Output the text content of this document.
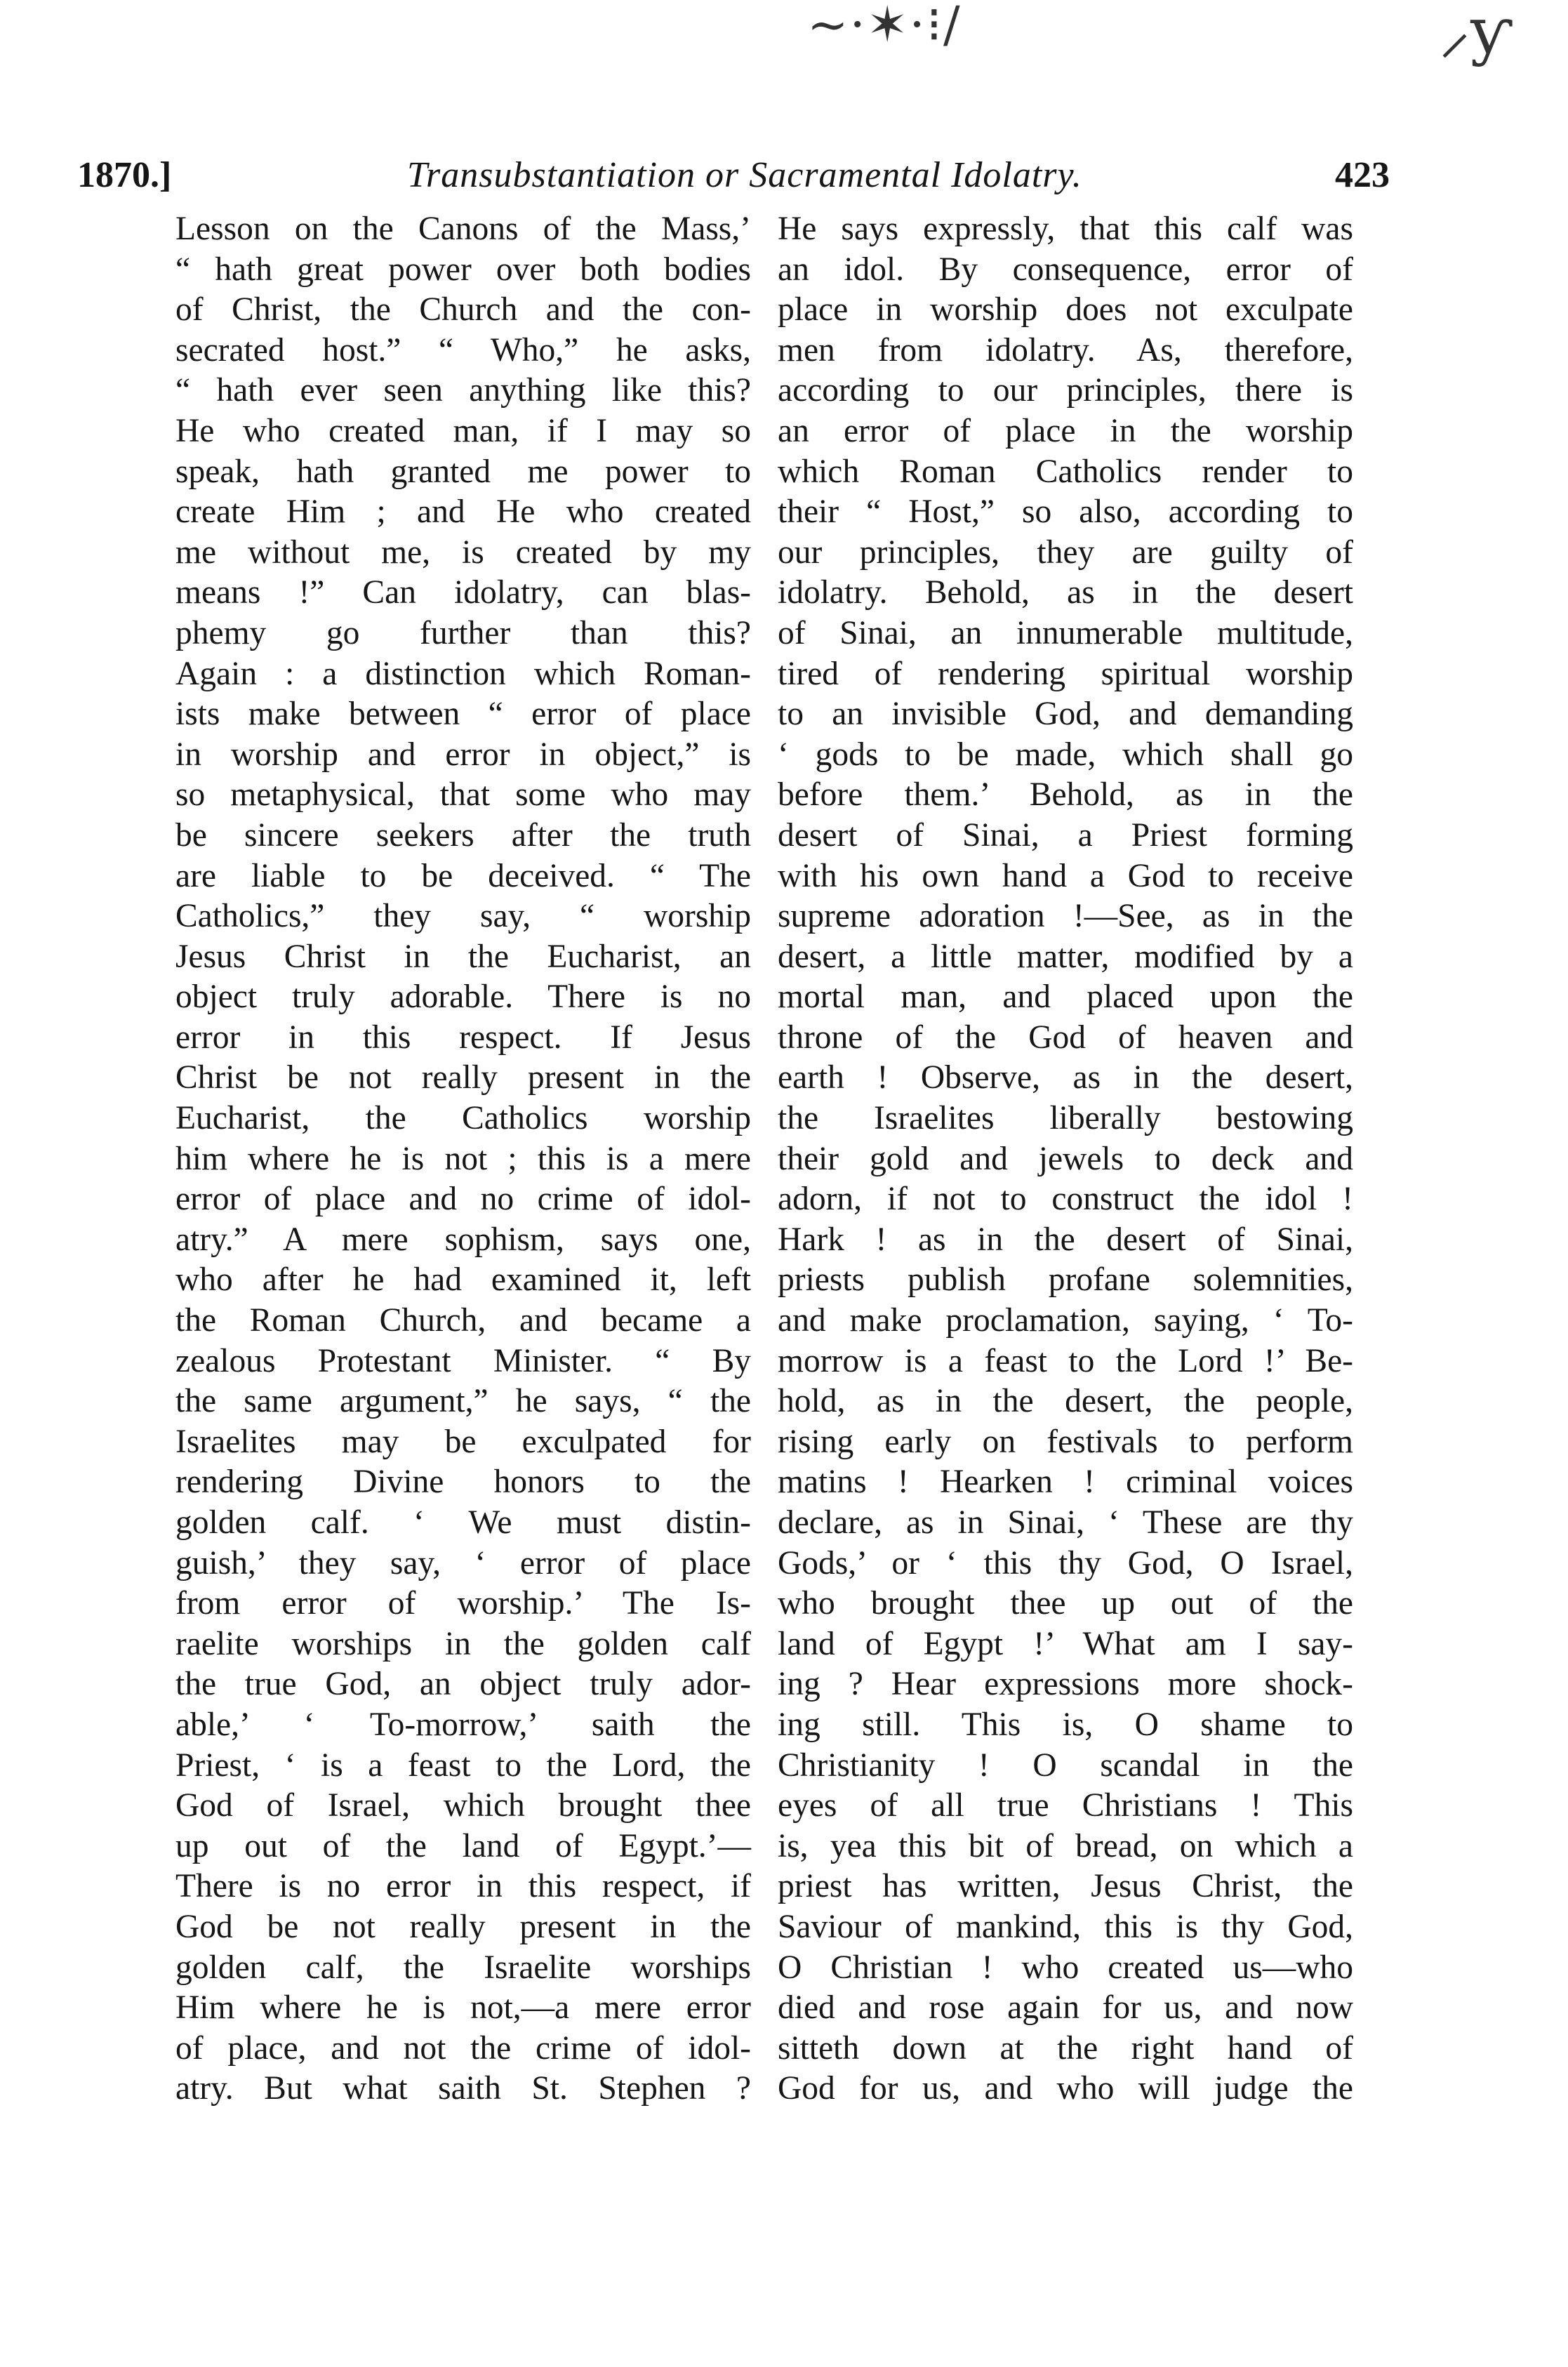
~·✶·⁝/	⸝ƴ
1870.]	Transubstantiation or Sacramental Idolatry.	423
Lesson on the Canons of the Mass,’
“ hath great power over both bodies
of Christ, the Church and the con-
secrated host.” “ Who,” he asks,
“ hath ever seen anything like this?
He who created man, if I may so
speak, hath granted me power to
create Him ; and He who created
me without me, is created by my
means !” Can idolatry, can blas-
phemy go further than this?
Again : a distinction which Roman-
ists make between “ error of place
in worship and error in object,” is
so metaphysical, that some who may
be sincere seekers after the truth
are liable to be deceived. “ The
Catholics,” they say, “ worship
Jesus Christ in the Eucharist, an
object truly adorable. There is no
error in this respect. If Jesus
Christ be not really present in the
Eucharist, the Catholics worship
him where he is not ; this is a mere
error of place and no crime of idol-
atry.” A mere sophism, says one,
who after he had examined it, left
the Roman Church, and became a
zealous Protestant Minister. “ By
the same argument,” he says, “ the
Israelites may be exculpated for
rendering Divine honors to the
golden calf. ‘ We must distin-
guish,’ they say, ‘ error of place
from error of worship.’ The Is-
raelite worships in the golden calf
the true God, an object truly ador-
able,’ ‘ To-morrow,’ saith the
Priest, ‘ is a feast to the Lord, the
God of Israel, which brought thee
up out of the land of Egypt.’—
There is no error in this respect, if
God be not really present in the
golden calf, the Israelite worships
Him where he is not,—a mere error
of place, and not the crime of idol-
atry. But what saith St. Stephen ?
He says expressly, that this calf was
an idol. By consequence, error of
place in worship does not exculpate
men from idolatry. As, therefore,
according to our principles, there is
an error of place in the worship
which Roman Catholics render to
their “ Host,” so also, according to
our principles, they are guilty of
idolatry. Behold, as in the desert
of Sinai, an innumerable multitude,
tired of rendering spiritual worship
to an invisible God, and demanding
‘ gods to be made, which shall go
before them.’ Behold, as in the
desert of Sinai, a Priest forming
with his own hand a God to receive
supreme adoration !—See, as in the
desert, a little matter, modified by a
mortal man, and placed upon the
throne of the God of heaven and
earth ! Observe, as in the desert,
the Israelites liberally bestowing
their gold and jewels to deck and
adorn, if not to construct the idol !
Hark ! as in the desert of Sinai,
priests publish profane solemnities,
and make proclamation, saying, ‘ To-
morrow is a feast to the Lord !’ Be-
hold, as in the desert, the people,
rising early on festivals to perform
matins ! Hearken ! criminal voices
declare, as in Sinai, ‘ These are thy
Gods,’ or ‘ this thy God, O Israel,
who brought thee up out of the
land of Egypt !’ What am I say-
ing ? Hear expressions more shock-
ing still. This is, O shame to
Christianity ! O scandal in the
eyes of all true Christians ! This
is, yea this bit of bread, on which a
priest has written, Jesus Christ, the
Saviour of mankind, this is thy God,
O Christian ! who created us—who
died and rose again for us, and now
sitteth down at the right hand of
God for us, and who will judge the
